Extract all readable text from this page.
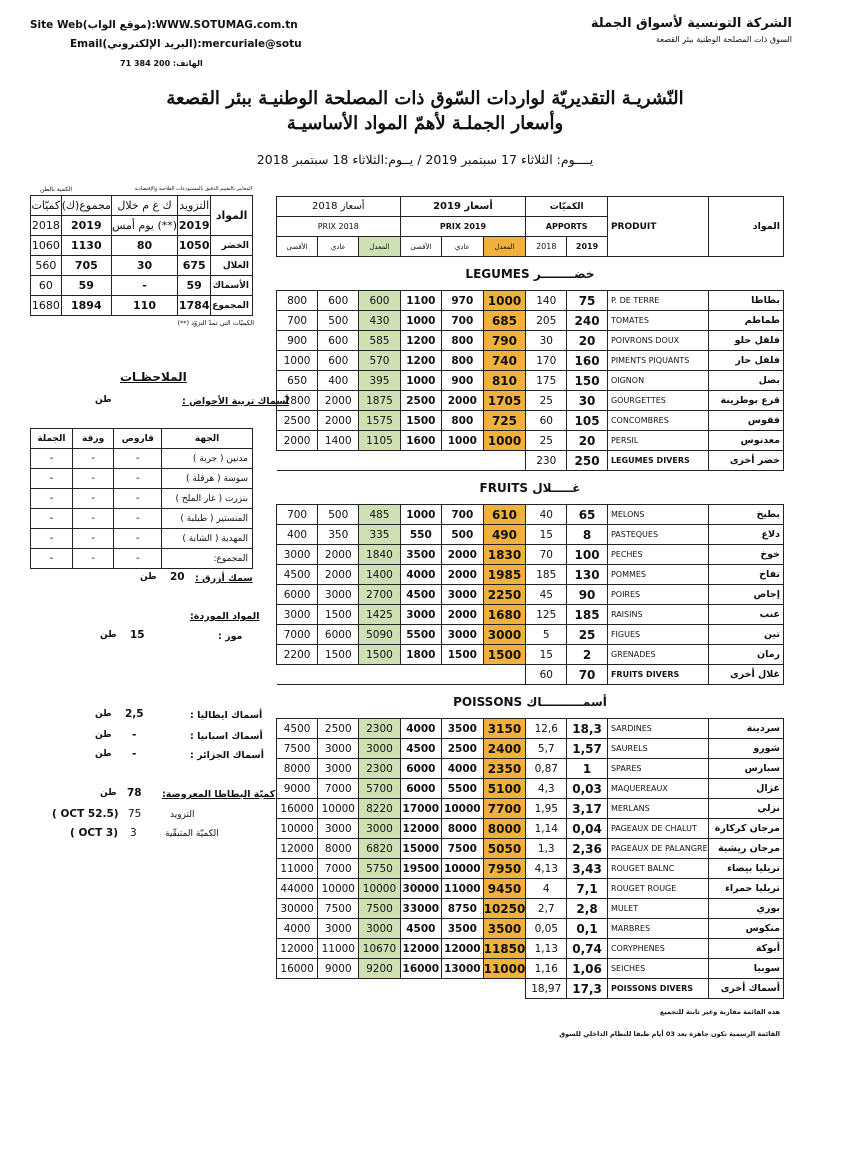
Site Web(موقع الواب):WWW.SOTUMAG.com.tn
Email(البريد الإلكتروني):mercuriale@sotu
الهاتف: 200 384 71
الشركة التونسية لأسواق الجملة
السوق ذات المصلحة الوطنية ببئر القصعة
النّشريـة التقديريّة لواردات السّوق ذات المصلحة الوطنيـة ببئر القصعة
وأسعار الجملـة لأهمّ المواد الأساسيـة
يــــوم: الثلاثاء 17 سبتمبر 2019 / يــوم:الثلاثاء 18 سبتمبر 2018
الكمية بالطن	المعايير بالتقييم الدقيق بالمستودعات الفلاحية والإقتصادية
كميّات	مجموع(ك)	ك غ م خلال	التزويد	المواد
2018	2019	يوم أمس (**)	2019	
1060	1130	80	1050	الخضر
560	705	30	675	الغلال
60	59	-	59	الأسماك
1680	1894	110	1784	المجموع
الكميّات التي تمدّ التزوّد (**)
الملاحظـات
أسماك تربية الأحواض :
طن
الجملة	ورقة	قاروص	الجهة
-	-	-	مدنين ( جربة )
-	-	-	سوسة ( هرقلة )
-	-	-	بنزرت ( غار الملح )
-	-	-	المنستير ( طبلبة )
-	-	-	المهدية ( الشابة )
-	-	-	المجموع:
سمك أزرق :
20
طن
المواد الموردة:
موز :
15
طن
أسماك ايطاليا :
2,5
طن
أسماك اسبانيا :
-
طن
أسماك الجزائر :
-
طن
كميّة البطاطا المعروضة:
78
طن
التزويد
75
( OCT 52.5)
الكميّة المتبقّية
3
( OCT 3)
أسعار 2018			أسعار 2019			الكميّات		PRODUIT	المواد
PRIX 2018			PRIX 2019			APPORTS			
الأقصى	عادي	المعدل	الأقصى	عادي	المعدل	2018	2019		
LEGUMES خضــــــــر									
800	600	600	1100	970	1000	140	75	P. DE TERRE	بطاطا
700	500	430	1000	700	685	205	240	TOMATES	طماطم
900	600	585	1200	800	790	30	20	POIVRONS DOUX	فلفل حلو
1000	600	570	1200	800	740	170	160	PIMENTS PIQUANTS	فلفل حار
650	400	395	1000	900	810	175	150	OIGNON	بصل
2800	2000	1875	2500	2000	1705	25	30	GOURGETTES	قرع بوطزينة
2500	2000	1575	1500	800	725	60	105	CONCOMBRES	فقوس
2000	1400	1105	1600	1000	1000	25	20	PERSIL	معدنوس
						230	250	LEGUMES DIVERS	خضر أخرى
FRUITS غـــــلال									
700	500	485	1000	700	610	40	65	MELONS	بطيخ
400	350	335	550	500	490	15	8	PASTEQUES	دلاع
3000	2000	1840	3500	2000	1830	70	100	PECHES	خوخ
4500	2000	1400	4000	2000	1985	185	130	POMMES	تفاح
6000	3000	2700	4500	3000	2250	45	90	POIRES	إجاص
3000	1500	1425	3000	2000	1680	125	185	RAISINS	عنب
7000	6000	5090	5500	3000	3000	5	25	FIGUES	تين
2200	1500	1500	1800	1500	1500	15	2	GRENADES	رمان
						60	70	FRUITS DIVERS	غلال أخرى
POISSONS أسمــــــــــاك									
4500	2500	2300	4000	3500	3150	12,6	18,3	SARDINES	سردينة
7500	3000	3000	4500	2500	2400	5,7	1,57	SAURELS	شورو
8000	3000	2300	6000	4000	2350	0,87	1	SPARES	سبارس
9000	7000	5700	6000	5500	5100	4,3	0,03	MAQUEREAUX	غزال
16000	10000	8220	17000	10000	7700	1,95	3,17	MERLANS	نزلي
10000	3000	3000	12000	8000	8000	1,14	0,04	PAGEAUX DE CHALUT	مرجان كركارة
12000	8000	6820	15000	7500	5050	1,3	2,36	PAGEAUX DE PALANGRE	مرجان ريشية
11000	7000	5750	19500	10000	7950	4,13	3,43	ROUGET BALNC	تريليا بيضاء
44000	10000	10000	30000	11000	9450	4	7,1	ROUGET ROUGE	تريليا حمراء
30000	7500	7500	33000	8750	10250	2,7	2,8	MULET	بوري
4000	3000	3000	4500	3500	3500	0,05	0,1	MARBRES	منكوس
12000	11000	10670	12000	12000	11850	1,13	0,74	CORYPHENES	أبوكة
16000	9000	9200	16000	13000	11000	1,16	1,06	SEICHES	سوبيا
						18,97	17,3	POISSONS DIVERS	أسماك أخرى
هذه القائمة مقاربة وغير ثابتة للتجميع
القائمة الرسمية تكون جاهزة بعد 03 أيام طبقا للنظام الداخلي للسوق
